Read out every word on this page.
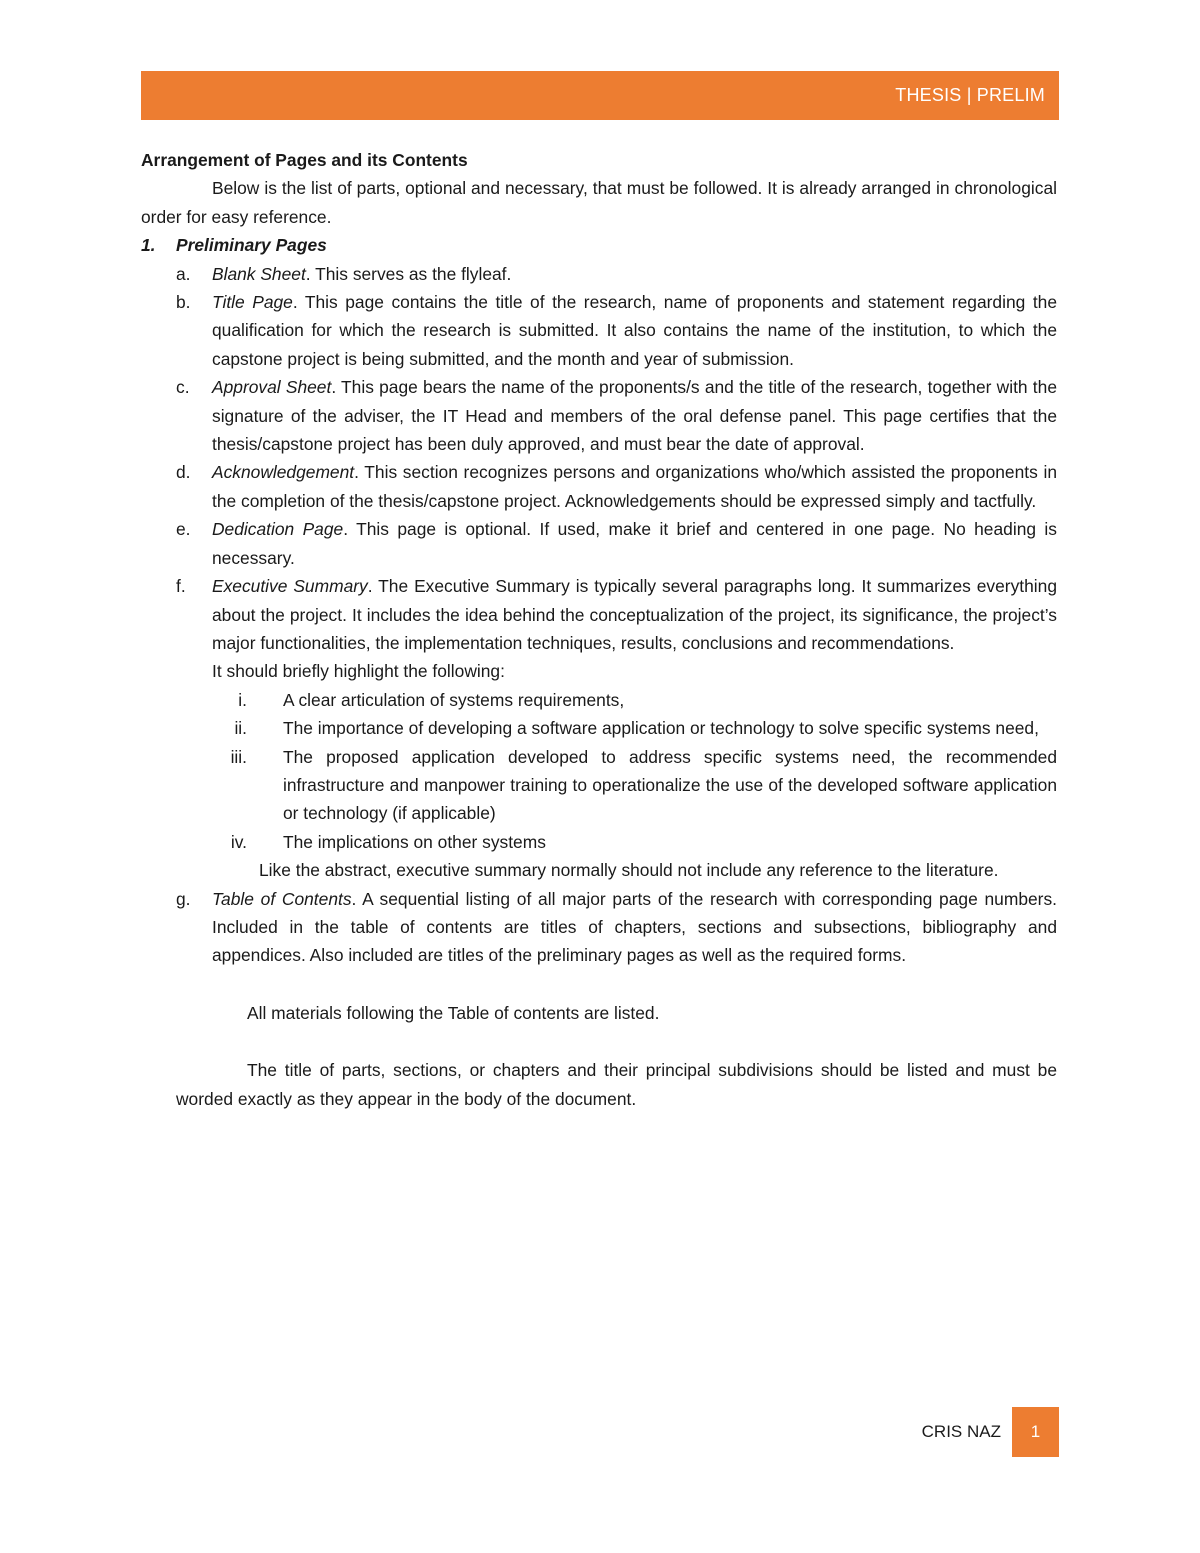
THESIS | PRELIM

Arrangement of Pages and its Contents

Below is the list of parts, optional and necessary, that must be followed. It is already arranged in chronological order for easy reference.

1. Preliminary Pages

a. Blank Sheet. This serves as the flyleaf.

b. Title Page. This page contains the title of the research, name of proponents and statement regarding the qualification for which the research is submitted. It also contains the name of the institution, to which the capstone project is being submitted, and the month and year of submission.

c. Approval Sheet. This page bears the name of the proponents/s and the title of the research, together with the signature of the adviser, the IT Head and members of the oral defense panel. This page certifies that the thesis/capstone project has been duly approved, and must bear the date of approval.

d. Acknowledgement. This section recognizes persons and organizations who/which assisted the proponents in the completion of the thesis/capstone project. Acknowledgements should be expressed simply and tactfully.

e. Dedication Page. This page is optional. If used, make it brief and centered in one page. No heading is necessary.

f. Executive Summary. The Executive Summary is typically several paragraphs long. It summarizes everything about the project. It includes the idea behind the conceptualization of the project, its significance, the project’s major functionalities, the implementation techniques, results, conclusions and recommendations.

It should briefly highlight the following:

i. A clear articulation of systems requirements,

ii. The importance of developing a software application or technology to solve specific systems need,

iii. The proposed application developed to address specific systems need, the recommended infrastructure and manpower training to operationalize the use of the developed software application or technology (if applicable)

iv. The implications on other systems

Like the abstract, executive summary normally should not include any reference to the literature.

g. Table of Contents. A sequential listing of all major parts of the research with corresponding page numbers. Included in the table of contents are titles of chapters, sections and subsections, bibliography and appendices. Also included are titles of the preliminary pages as well as the required forms.

All materials following the Table of contents are listed.

The title of parts, sections, or chapters and their principal subdivisions should be listed and must be worded exactly as they appear in the body of the document.

CRIS NAZ	1
